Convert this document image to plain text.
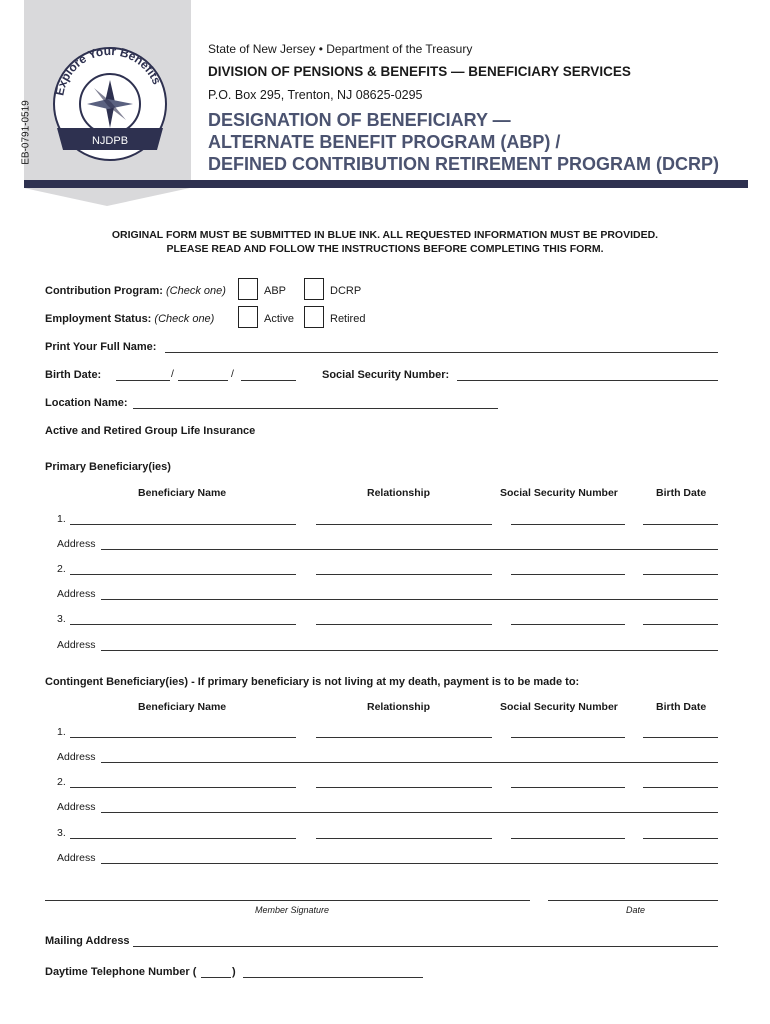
EB-0791-0519
Explore Your Benefits
NJDPB
State of New Jersey • Department of the Treasury
DIVISION OF PENSIONS & BENEFITS — BENEFICIARY SERVICES
P.O. Box 295, Trenton, NJ 08625-0295
DESIGNATION OF BENEFICIARY —
ALTERNATE BENEFIT PROGRAM (ABP) /
DEFINED CONTRIBUTION RETIREMENT PROGRAM (DCRP)
ORIGINAL FORM MUST BE SUBMITTED IN BLUE INK. ALL REQUESTED INFORMATION MUST BE PROVIDED.
PLEASE READ AND FOLLOW THE INSTRUCTIONS BEFORE COMPLETING THIS FORM.
Contribution Program: (Check one)	ABP	DCRP
Employment Status: (Check one)	Active	Retired
Print Your Full Name:
Birth Date:	/	/	Social Security Number:
Location Name:
Active and Retired Group Life Insurance
Primary Beneficiary(ies)
Beneficiary Name	Relationship	Social Security Number	Birth Date
1.
Address
2.
Address
3.
Address
Contingent Beneficiary(ies) - If primary beneficiary is not living at my death, payment is to be made to:
Beneficiary Name	Relationship	Social Security Number	Birth Date
1.
Address
2.
Address
3.
Address
Member Signature	Date
Mailing Address
Daytime Telephone Number (	)
